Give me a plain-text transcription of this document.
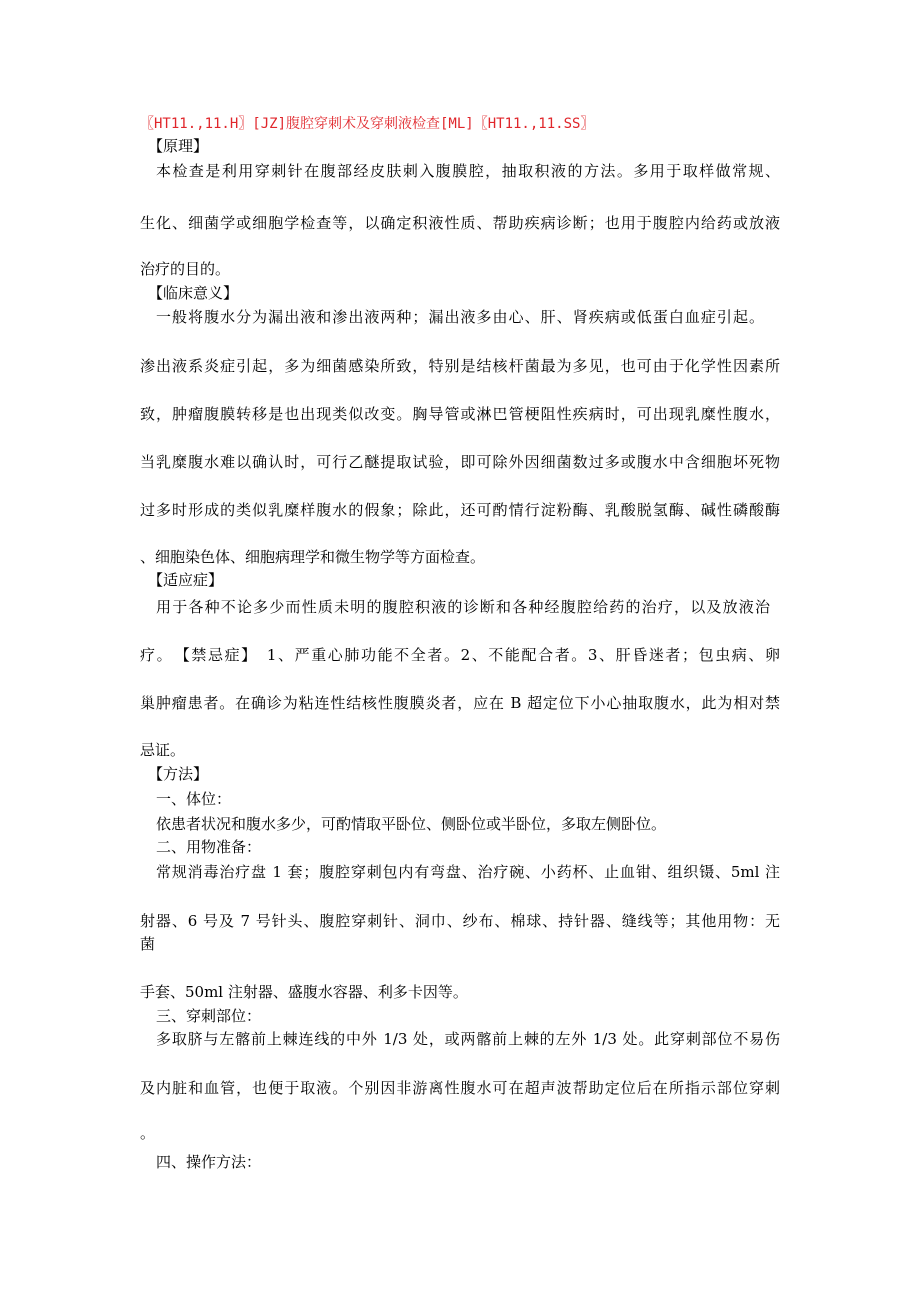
〖HT11.,11.H〗[JZ]腹腔穿刺术及穿刺液检查[ML]〖HT11.,11.SS〗
【原理】
本检查是利用穿刺针在腹部经皮肤刺入腹膜腔，抽取积液的方法。多用于取样做常规、
生化、细菌学或细胞学检查等，以确定积液性质、帮助疾病诊断；也用于腹腔内给药或放液
治疗的目的。
【临床意义】
一般将腹水分为漏出液和渗出液两种；漏出液多由心、肝、肾疾病或低蛋白血症引起。
渗出液系炎症引起，多为细菌感染所致，特别是结核杆菌最为多见，也可由于化学性因素所
致，肿瘤腹膜转移是也出现类似改变。胸导管或淋巴管梗阻性疾病时，可出现乳糜性腹水，
当乳糜腹水难以确认时，可行乙醚提取试验，即可除外因细菌数过多或腹水中含细胞坏死物
过多时形成的类似乳糜样腹水的假象；除此，还可酌情行淀粉酶、乳酸脱氢酶、碱性磷酸酶
、细胞染色体、细胞病理学和微生物学等方面检查。
【适应症】
用于各种不论多少而性质未明的腹腔积液的诊断和各种经腹腔给药的治疗，以及放液治
疗。　【禁忌症】　1、严重心肺功能不全者。2、不能配合者。3、肝昏迷者；包虫病、卵
巢肿瘤患者。在确诊为粘连性结核性腹膜炎者，应在 B 超定位下小心抽取腹水，此为相对禁
忌证。
【方法】
一、体位：
依患者状况和腹水多少，可酌情取平卧位、侧卧位或半卧位，多取左侧卧位。
二、用物准备：
常规消毒治疗盘 1 套；腹腔穿刺包内有弯盘、治疗碗、小药杯、止血钳、组织镊、5ml 注
射器、6 号及 7 号针头、腹腔穿刺针、洞巾、纱布、棉球、持针器、缝线等；其他用物：无
菌
手套、50ml 注射器、盛腹水容器、利多卡因等。
三、穿刺部位：
多取脐与左髂前上棘连线的中外 1/3 处，或两髂前上棘的左外 1/3 处。此穿刺部位不易伤
及内脏和血管，也便于取液。个别因非游离性腹水可在超声波帮助定位后在所指示部位穿刺
。
四、操作方法：
